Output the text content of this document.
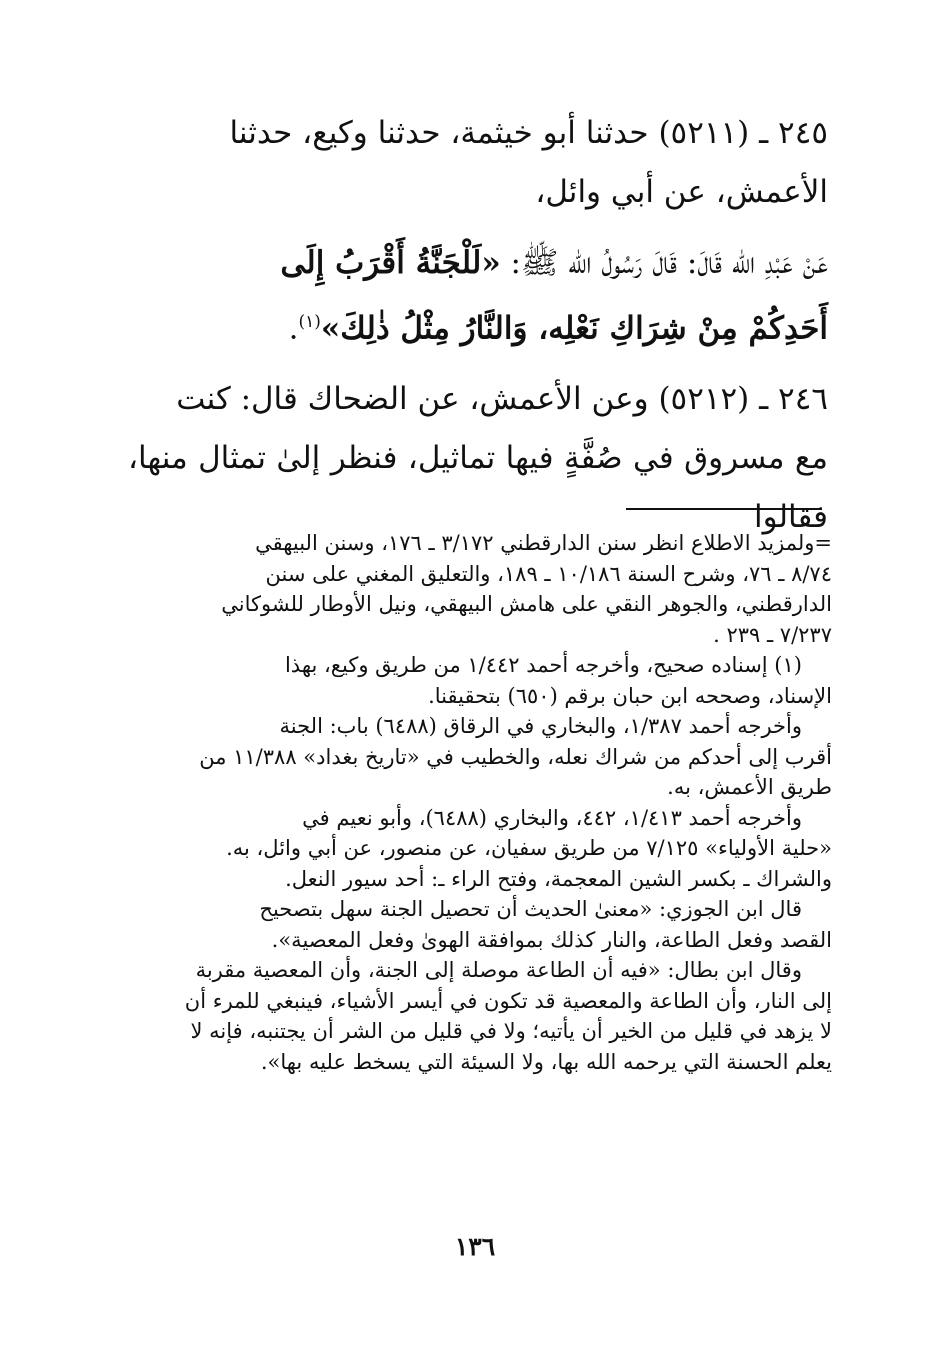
٢٤٥ ـ (٥٢١١) حدثنا أبو خيثمة، حدثنا وكيع، حدثنا
الأعمش، عن أبي وائل،

عَنْ عَبْدِ الله قَالَ: قَالَ رَسُولُ الله ﷺ: «لَلْجَنَّةُ أَقْرَبُ إِلَى
أَحَدِكُمْ مِنْ شِرَاكِ نَعْلِه، وَالنَّارُ مِثْلُ ذٰلِكَ»$^{(١)}$.

٢٤٦ ـ (٥٢١٢) وعن الأعمش، عن الضحاك قال: كنت
مع مسروق في صُفَّةٍ فيها تماثيل، فنظر إلىٰ تمثال منها، فقالوا

=ولمزيد الاطلاع انظر سنن الدارقطني ٣/١٧٢ ـ ١٧٦، وسنن البيهقي
٨/٧٤ ـ ٧٦، وشرح السنة ١٠/١٨٦ ـ ١٨٩، والتعليق المغني على سنن
الدارقطني، والجوهر النقي على هامش البيهقي، ونيل الأوطار للشوكاني
٧/٢٣٧ ـ ٢٣٩ .

(١) إسناده صحيح، وأخرجه أحمد ١/٤٤٢ من طريق وكيع، بهذا
الإسناد، وصححه ابن حبان برقم (٦٥٠) بتحقيقنا.

وأخرجه أحمد ١/٣٨٧، والبخاري في الرقاق (٦٤٨٨) باب: الجنة
أقرب إلى أحدكم من شراك نعله، والخطيب في «تاريخ بغداد» ١١/٣٨٨ من
طريق الأعمش، به.

وأخرجه أحمد ١/٤١٣، ٤٤٢، والبخاري (٦٤٨٨)، وأبو نعيم في
«حلية الأولياء» ٧/١٢٥ من طريق سفيان، عن منصور، عن أبي وائل، به.
والشراك ـ بكسر الشين المعجمة، وفتح الراء ـ: أحد سيور النعل.

قال ابن الجوزي: «معنىٰ الحديث أن تحصيل الجنة سهل بتصحيح
القصد وفعل الطاعة، والنار كذلك بموافقة الهوىٰ وفعل المعصية».

وقال ابن بطال: «فيه أن الطاعة موصلة إلى الجنة، وأن المعصية مقربة
إلى النار، وأن الطاعة والمعصية قد تكون في أيسر الأشياء، فينبغي للمرء أن
لا يزهد في قليل من الخير أن يأتيه؛ ولا في قليل من الشر أن يجتنبه، فإنه لا
يعلم الحسنة التي يرحمه الله بها، ولا السيئة التي يسخط عليه بها».

١٣٦
